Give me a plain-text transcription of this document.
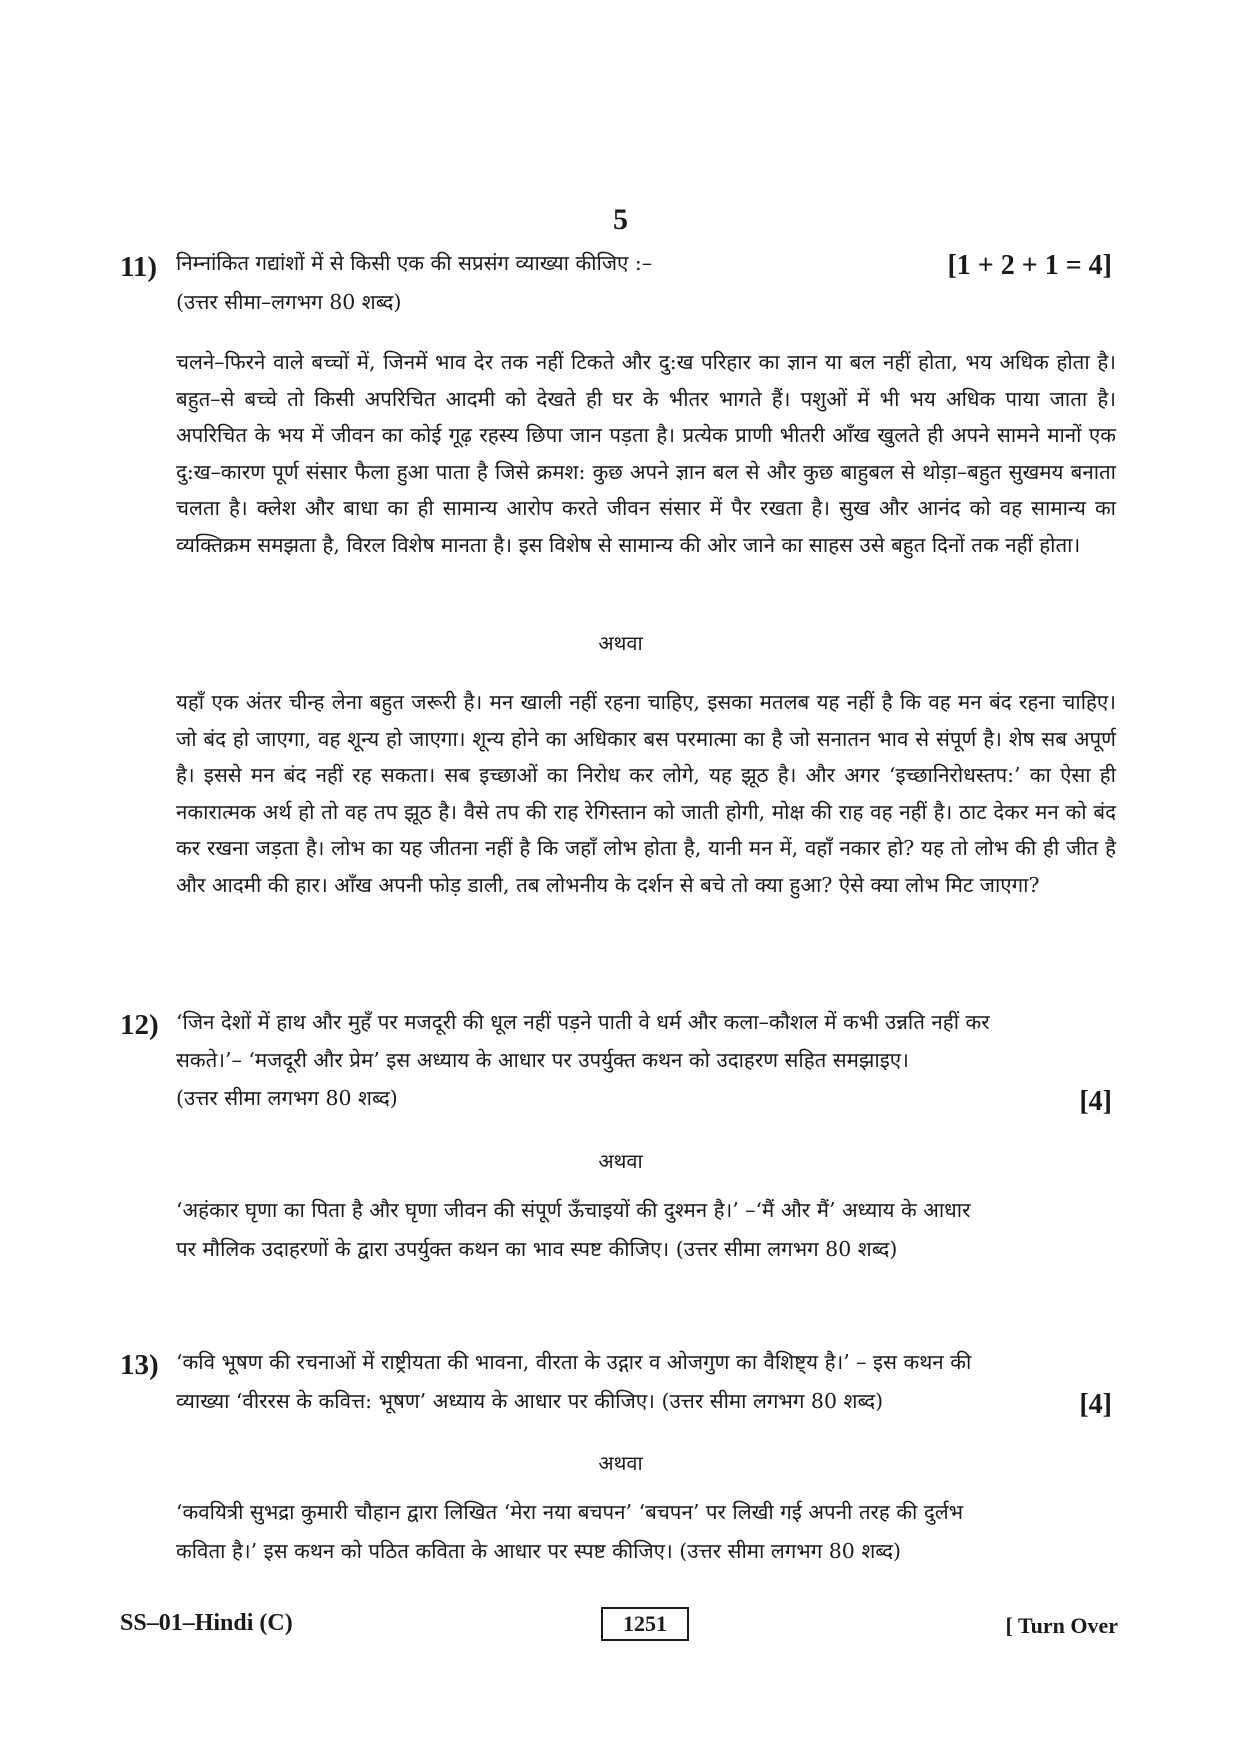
5
11) निम्नांकित गद्यांशों में से किसी एक की सप्रसंग व्याख्या कीजिए :–	[1 + 2 + 1 = 4]
(उत्तर सीमा–लगभग 80 शब्द)

चलने–फिरने वाले बच्चों में, जिनमें भाव देर तक नहीं टिकते और दु:ख परिहार का ज्ञान या बल नहीं होता, भय अधिक होता है। बहुत–से बच्चे तो किसी अपरिचित आदमी को देखते ही घर के भीतर भागते हैं। पशुओं में भी भय अधिक पाया जाता है। अपरिचित के भय में जीवन का कोई गूढ़ रहस्य छिपा जान पड़ता है। प्रत्येक प्राणी भीतरी आँख खुलते ही अपने सामने मानों एक दु:ख–कारण पूर्ण संसार फैला हुआ पाता है जिसे क्रमश: कुछ अपने ज्ञान बल से और कुछ बाहुबल से थोड़ा–बहुत सुखमय बनाता चलता है। क्लेश और बाधा का ही सामान्य आरोप करते जीवन संसार में पैर रखता है। सुख और आनंद को वह सामान्य का व्यक्तिक्रम समझता है, विरल विशेष मानता है। इस विशेष से सामान्य की ओर जाने का साहस उसे बहुत दिनों तक नहीं होता।

अथवा

यहाँ एक अंतर चीन्ह लेना बहुत जरूरी है। मन खाली नहीं रहना चाहिए, इसका मतलब यह नहीं है कि वह मन बंद रहना चाहिए। जो बंद हो जाएगा, वह शून्य हो जाएगा। शून्य होने का अधिकार बस परमात्मा का है जो सनातन भाव से संपूर्ण है। शेष सब अपूर्ण है। इससे मन बंद नहीं रह सकता। सब इच्छाओं का निरोध कर लोगे, यह झूठ है। और अगर ‘इच्छानिरोधस्तप:’ का ऐसा ही नकारात्मक अर्थ हो तो वह तप झूठ है। वैसे तप की राह रेगिस्तान को जाती होगी, मोक्ष की राह वह नहीं है। ठाट देकर मन को बंद कर रखना जड़ता है। लोभ का यह जीतना नहीं है कि जहाँ लोभ होता है, यानी मन में, वहाँ नकार हो? यह तो लोभ की ही जीत है और आदमी की हार। आँख अपनी फोड़ डाली, तब लोभनीय के दर्शन से बचे तो क्या हुआ? ऐसे क्या लोभ मिट जाएगा?

12) ‘जिन देशों में हाथ और मुहँ पर मजदूरी की धूल नहीं पड़ने पाती वे धर्म और कला–कौशल में कभी उन्नति नहीं कर
सकते।’– ‘मजदूरी और प्रेम’ इस अध्याय के आधार पर उपर्युक्त कथन को उदाहरण सहित समझाइए।
(उत्तर सीमा लगभग 80 शब्द)	[4]
अथवा
‘अहंकार घृणा का पिता है और घृणा जीवन की संपूर्ण ऊँचाइयों की दुश्मन है।’ –‘मैं और मैं’ अध्याय के आधार
पर मौलिक उदाहरणों के द्वारा उपर्युक्त कथन का भाव स्पष्ट कीजिए। (उत्तर सीमा लगभग 80 शब्द)
13) ‘कवि भूषण की रचनाओं में राष्ट्रीयता की भावना, वीरता के उद्गार व ओजगुण का वैशिष्ट्य है।’ – इस कथन की
व्याख्या ‘वीररस के कवित्त: भूषण’ अध्याय के आधार पर कीजिए। (उत्तर सीमा लगभग 80 शब्द)	[4]
अथवा
‘कवयित्री सुभद्रा कुमारी चौहान द्वारा लिखित ‘मेरा नया बचपन’ ‘बचपन’ पर लिखी गई अपनी तरह की दुर्लभ
कविता है।’ इस कथन को पठित कविता के आधार पर स्पष्ट कीजिए। (उत्तर सीमा लगभग 80 शब्द)
SS–01–Hindi (C)	1251	[ Turn Over
